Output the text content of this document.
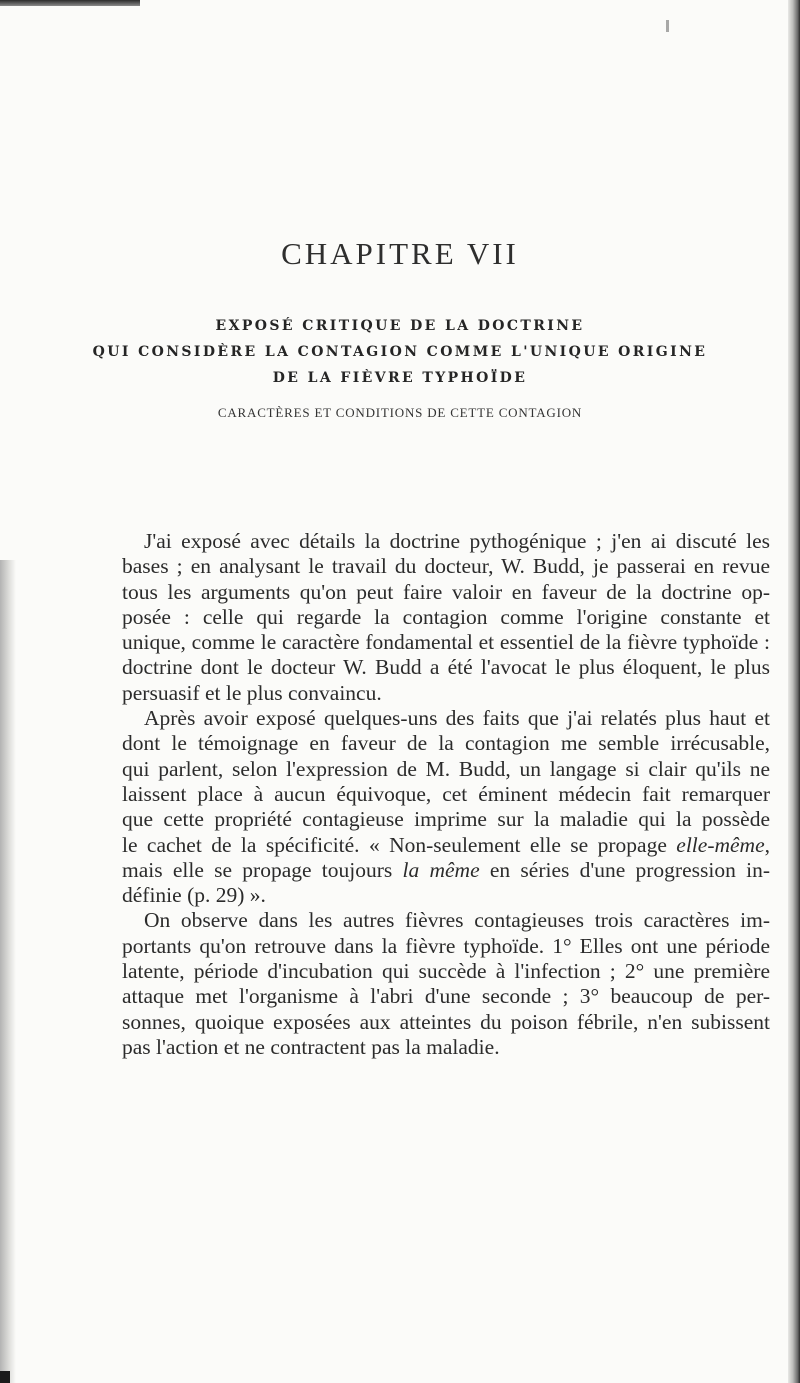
CHAPITRE VII
EXPOSÉ CRITIQUE DE LA DOCTRINE
QUI CONSIDÈRE LA CONTAGION COMME L'UNIQUE ORIGINE
DE LA FIÈVRE TYPHOÏDE
CARACTÈRES ET CONDITIONS DE CETTE CONTAGION
J'ai exposé avec détails la doctrine pythogénique ; j'en ai discuté les
bases ; en analysant le travail du docteur, W. Budd, je passerai en revue
tous les arguments qu'on peut faire valoir en faveur de la doctrine op-
posée : celle qui regarde la contagion comme l'origine constante et
unique, comme le caractère fondamental et essentiel de la fièvre typhoïde :
doctrine dont le docteur W. Budd a été l'avocat le plus éloquent, le plus
persuasif et le plus convaincu.
Après avoir exposé quelques-uns des faits que j'ai relatés plus haut et
dont le témoignage en faveur de la contagion me semble irrécusable,
qui parlent, selon l'expression de M. Budd, un langage si clair qu'ils ne
laissent place à aucun équivoque, cet éminent médecin fait remarquer
que cette propriété contagieuse imprime sur la maladie qui la possède
le cachet de la spécificité. « Non-seulement elle se propage elle-même,
mais elle se propage toujours la même en séries d'une progression in-
définie (p. 29) ».
On observe dans les autres fièvres contagieuses trois caractères im-
portants qu'on retrouve dans la fièvre typhoïde. 1° Elles ont une période
latente, période d'incubation qui succède à l'infection ; 2° une première
attaque met l'organisme à l'abri d'une seconde ; 3° beaucoup de per-
sonnes, quoique exposées aux atteintes du poison fébrile, n'en subissent
pas l'action et ne contractent pas la maladie.
